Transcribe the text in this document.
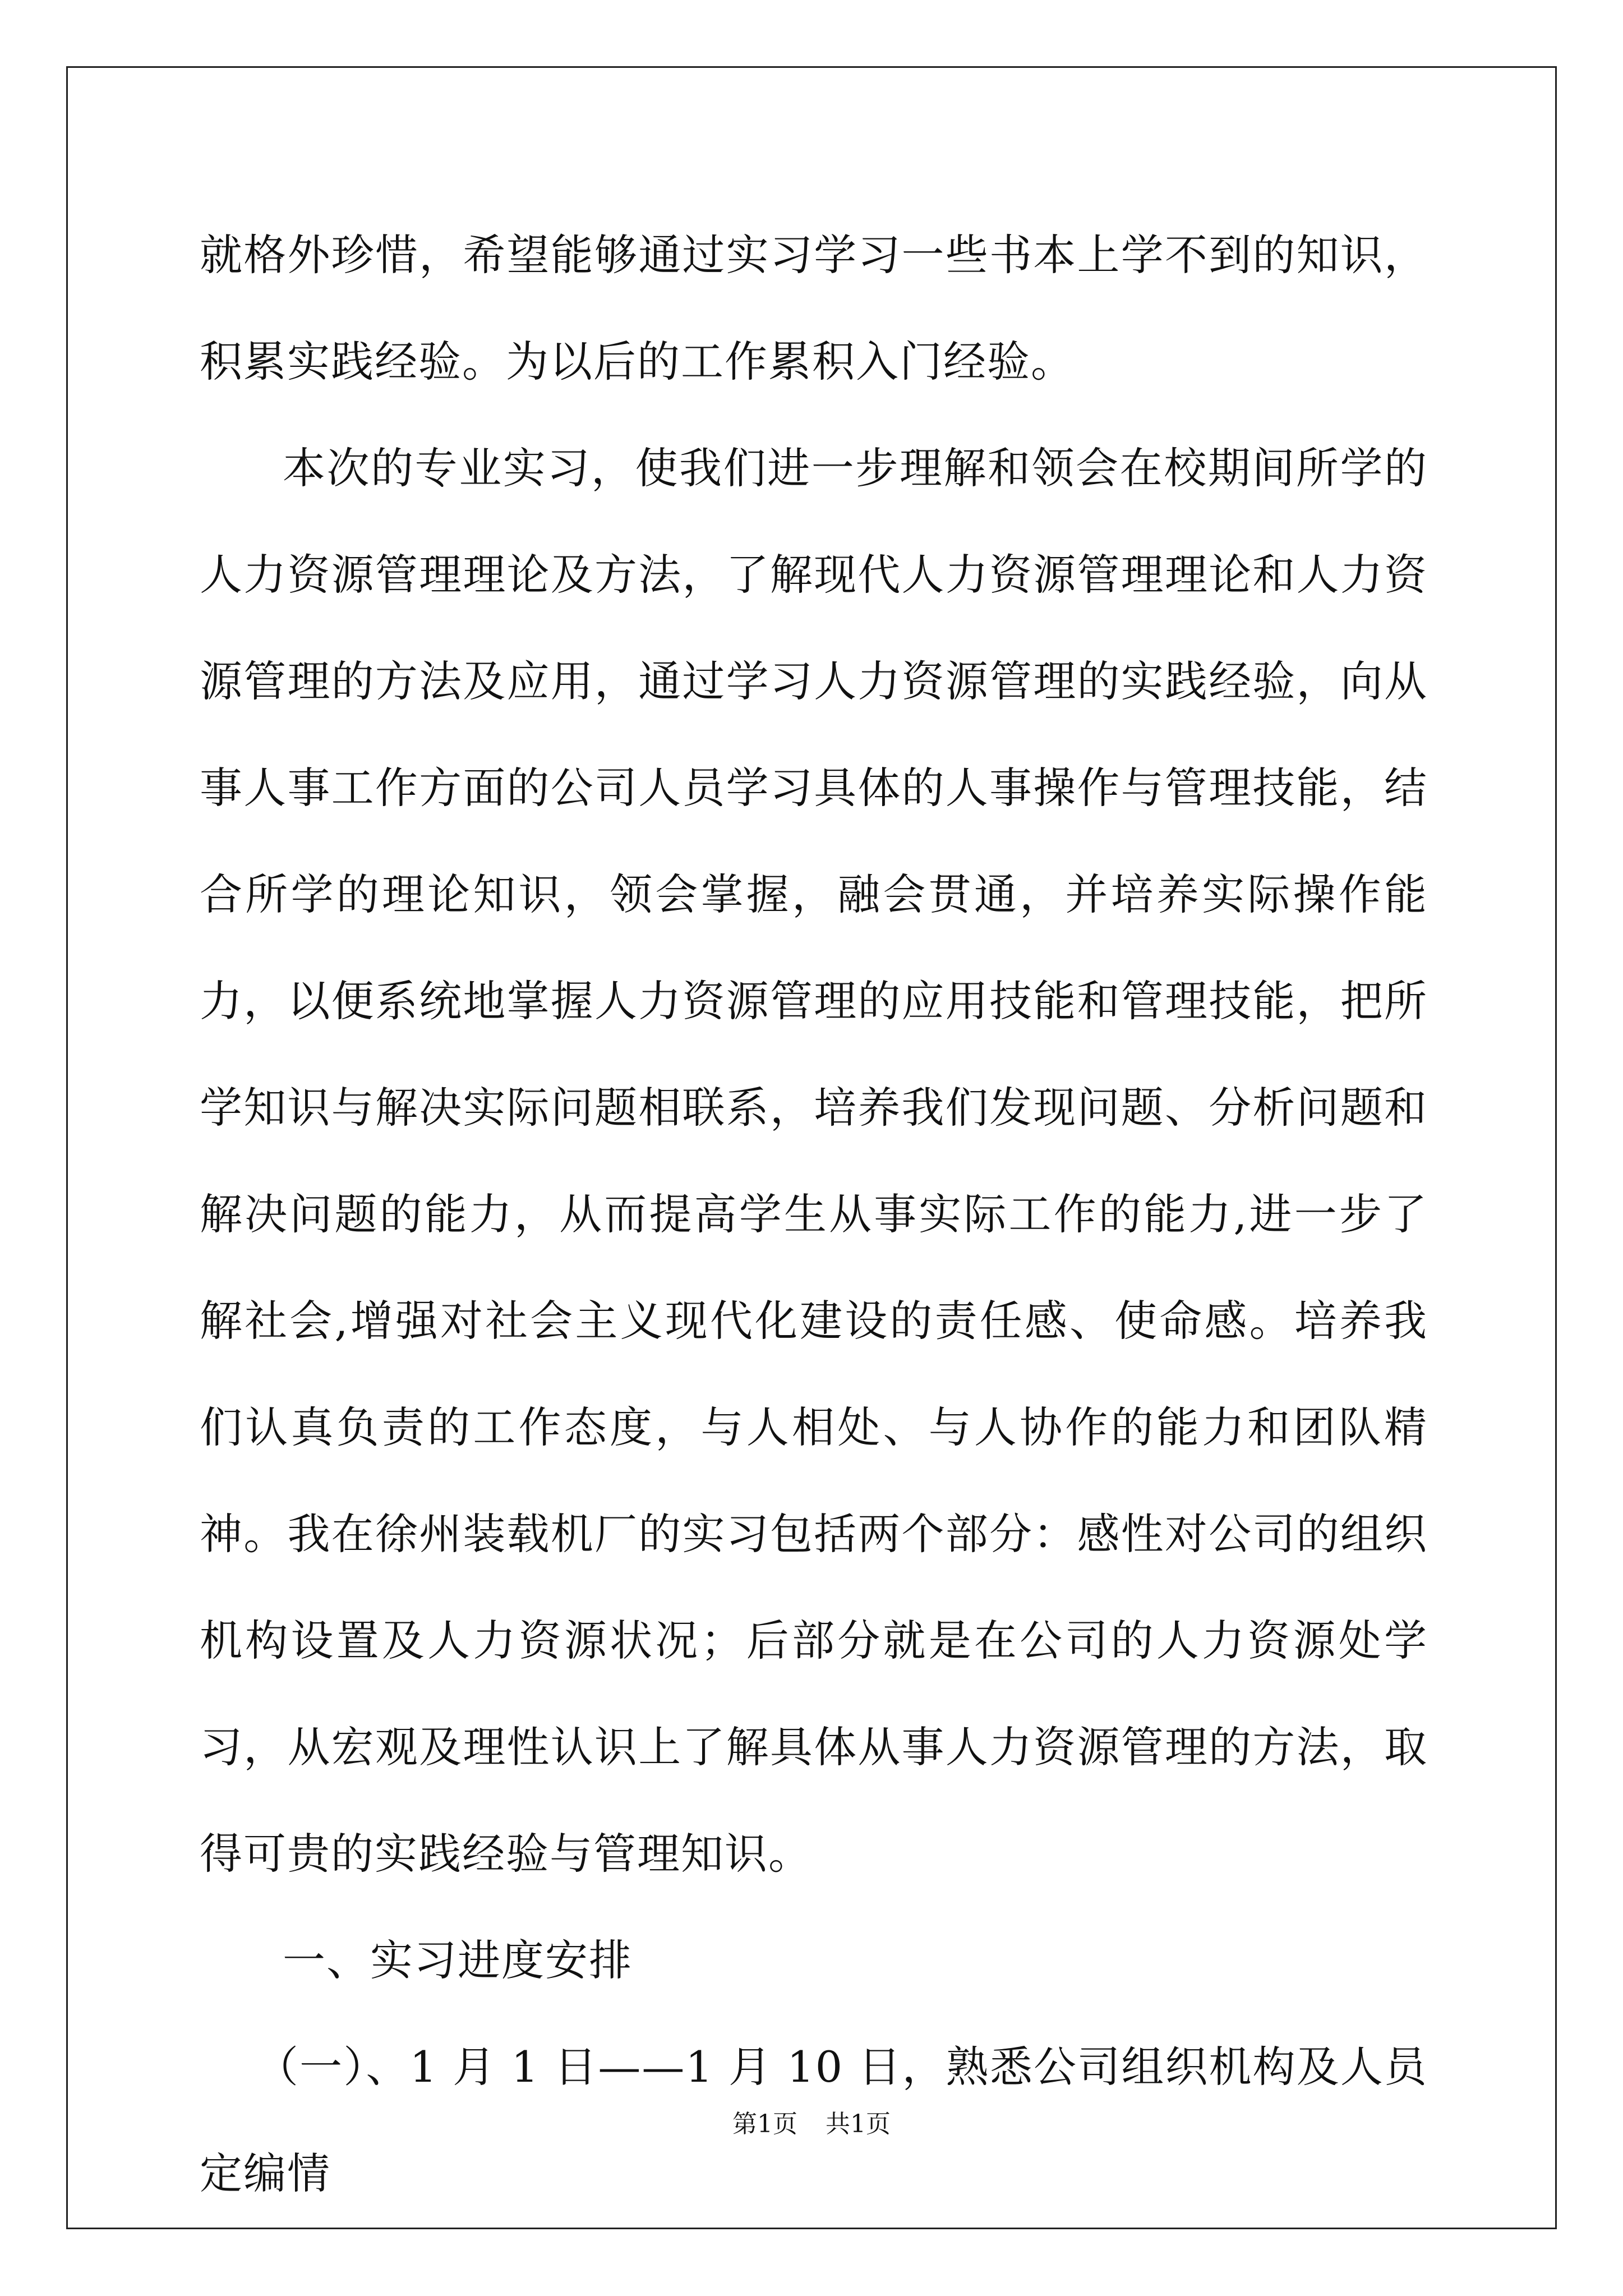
就格外珍惜，希望能够通过实习学习一些书本上学不到的知识，积累实践经验。为以后的工作累积入门经验。

本次的专业实习，使我们进一步理解和领会在校期间所学的人力资源管理理论及方法，了解现代人力资源管理理论和人力资源管理的方法及应用，通过学习人力资源管理的实践经验，向从事人事工作方面的公司人员学习具体的人事操作与管理技能，结合所学的理论知识，领会掌握，融会贯通，并培养实际操作能力，以便系统地掌握人力资源管理的应用技能和管理技能，把所学知识与解决实际问题相联系，培养我们发现问题、分析问题和解决问题的能力，从而提高学生从事实际工作的能力,进一步了解社会,增强对社会主义现代化建设的责任感、使命感。培养我们认真负责的工作态度，与人相处、与人协作的能力和团队精神。我在徐州装载机厂的实习包括两个部分：感性对公司的组织机构设置及人力资源状况；后部分就是在公司的人力资源处学习，从宏观及理性认识上了解具体从事人力资源管理的方法，取得可贵的实践经验与管理知识。

一、实习进度安排

（一）、1 月 1 日——1 月 10 日，熟悉公司组织机构及人员定编情

第1页 共1页
